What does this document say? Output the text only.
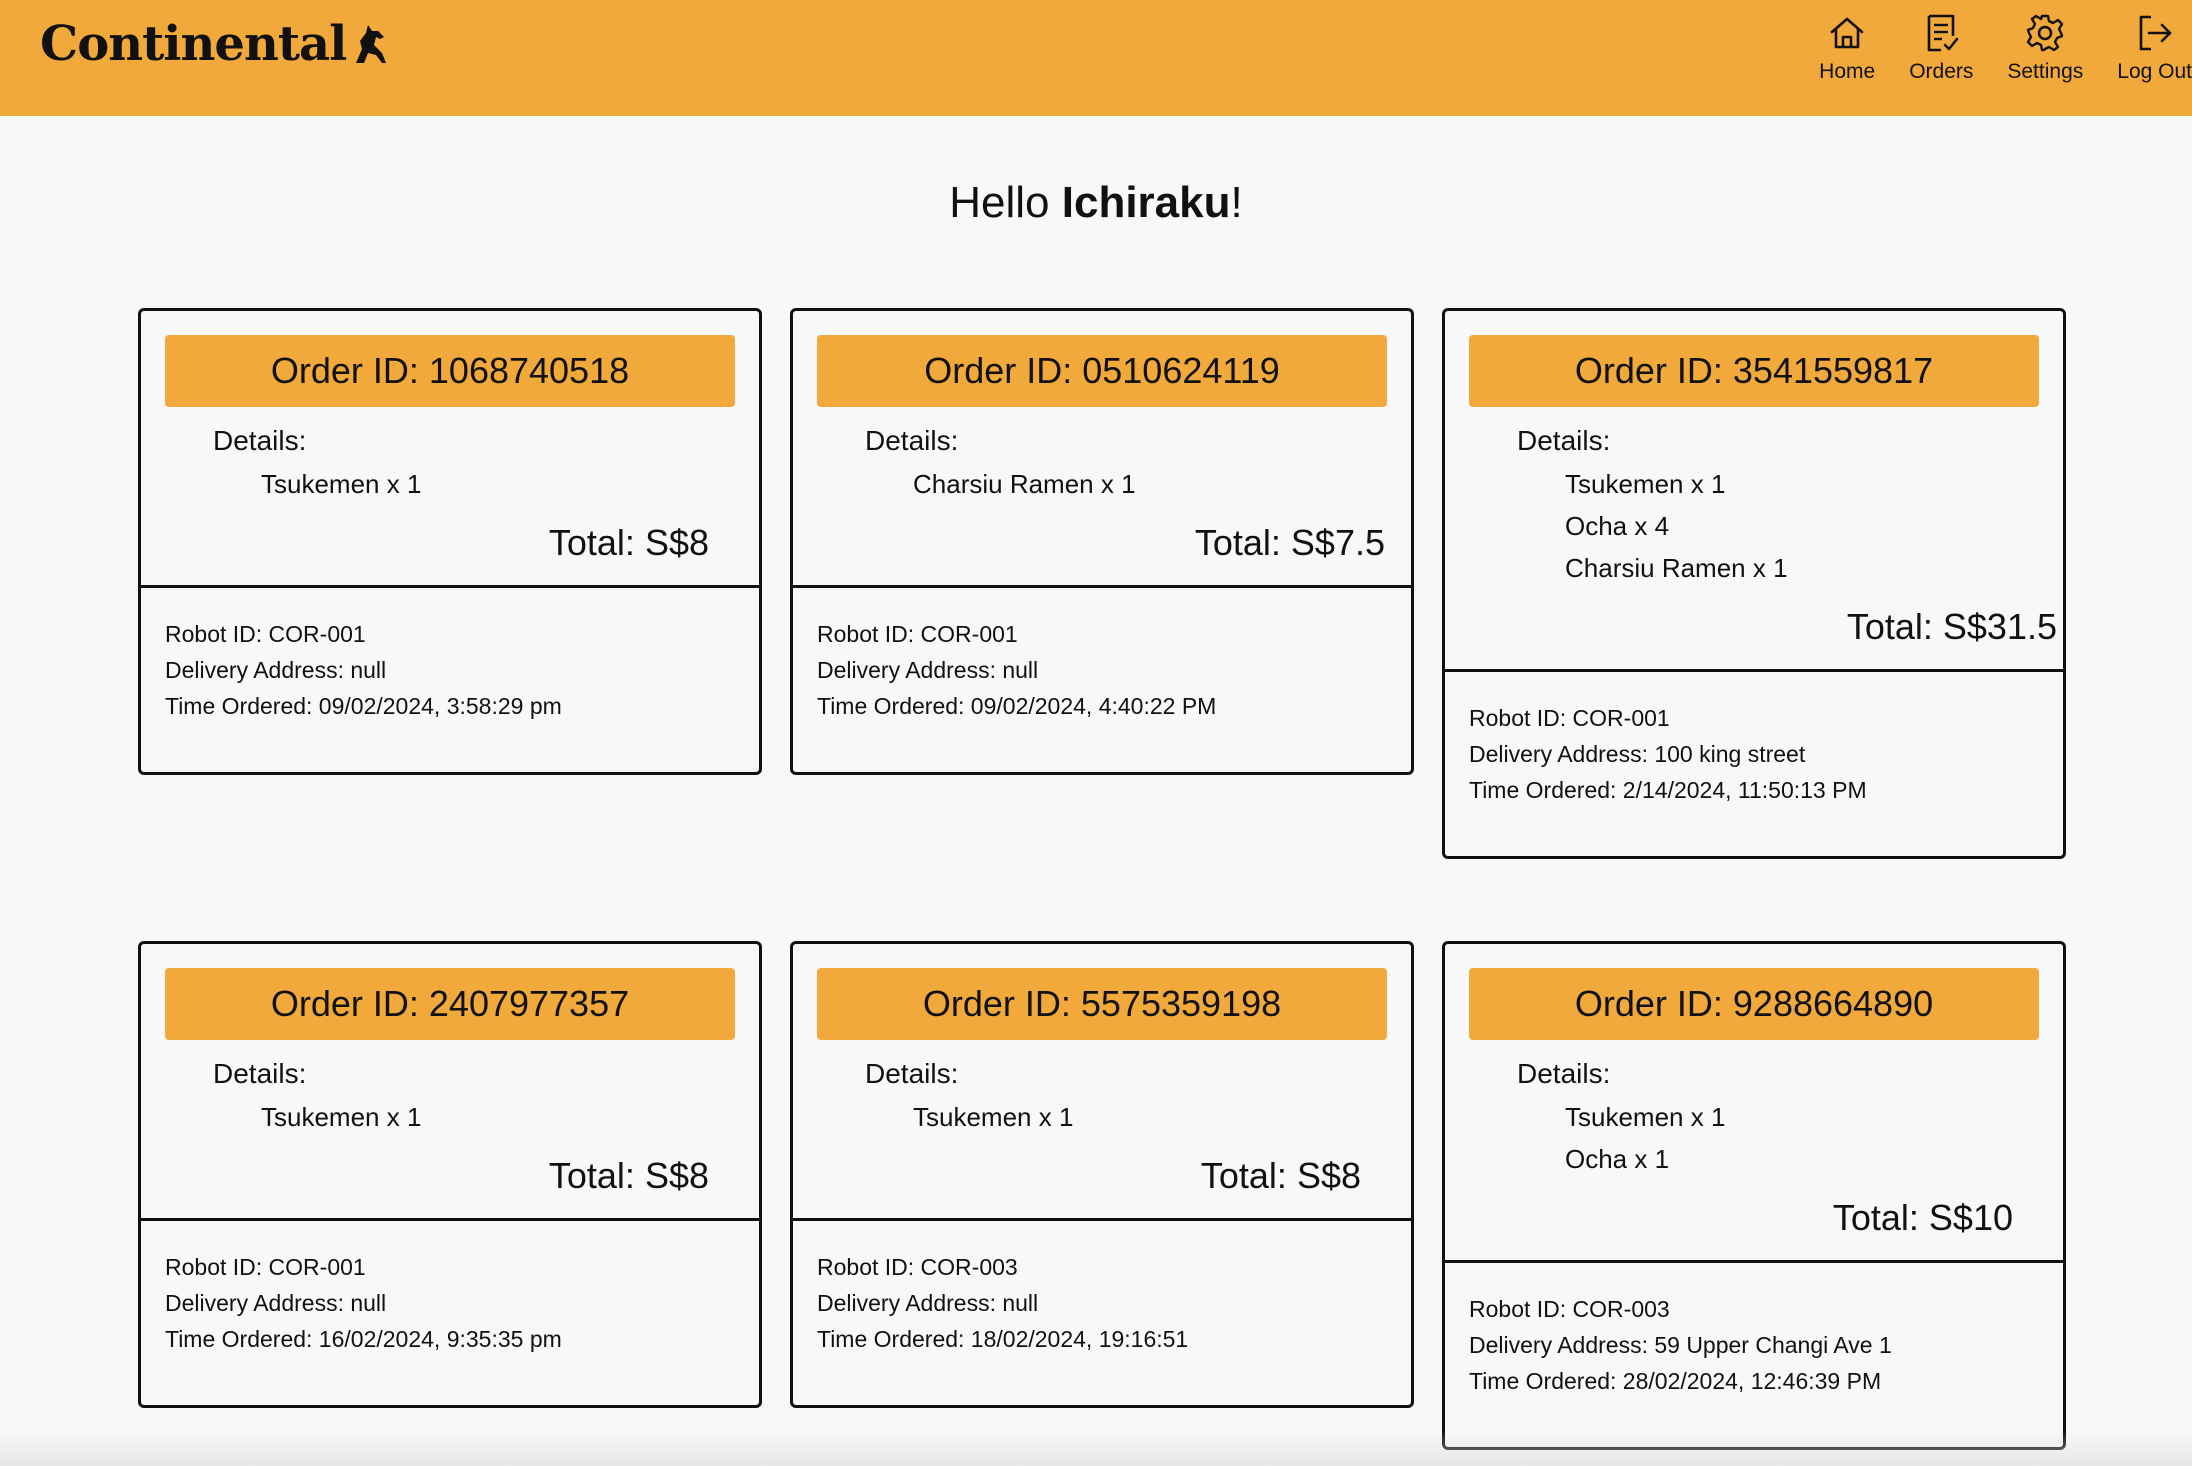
Continental	Home Orders Settings Log Out
Hello Ichiraku!
Order ID: 1068740518
Details:
Tsukemen x 1
Total: S$8
Robot ID: COR-001
Delivery Address: null
Time Ordered: 09/02/2024, 3:58:29 pm
Order ID: 0510624119
Details:
Charsiu Ramen x 1
Total: S$7.5
Robot ID: COR-001
Delivery Address: null
Time Ordered: 09/02/2024, 4:40:22 PM
Order ID: 3541559817
Details:
Tsukemen x 1
Ocha x 4
Charsiu Ramen x 1
Total: S$31.5
Robot ID: COR-001
Delivery Address: 100 king street
Time Ordered: 2/14/2024, 11:50:13 PM
Order ID: 2407977357
Details:
Tsukemen x 1
Total: S$8
Robot ID: COR-001
Delivery Address: null
Time Ordered: 16/02/2024, 9:35:35 pm
Order ID: 5575359198
Details:
Tsukemen x 1
Total: S$8
Robot ID: COR-003
Delivery Address: null
Time Ordered: 18/02/2024, 19:16:51
Order ID: 9288664890
Details:
Tsukemen x 1
Ocha x 1
Total: S$10
Robot ID: COR-003
Delivery Address: 59 Upper Changi Ave 1
Time Ordered: 28/02/2024, 12:46:39 PM
